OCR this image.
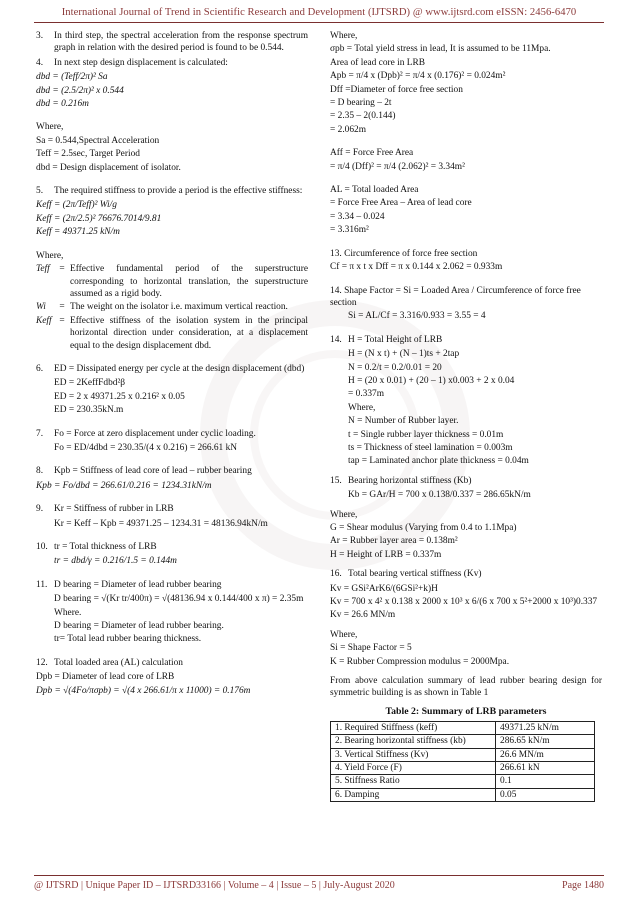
International Journal of Trend in Scientific Research and Development (IJTSRD) @ www.ijtsrd.com eISSN: 2456-6470
3.	In third step, the spectral acceleration from the response spectrum graph in relation with the desired period is found to be 0.544.
4.	In next step design displacement is calculated:
dbd = (Teff/2π)² Sa
dbd = (2.5/2π)² x 0.544
dbd = 0.216m
Where,
Sa = 0.544,Spectral Acceleration
Teff = 2.5sec, Target Period
dbd = Design displacement of isolator.
5.	The required stiffness to provide a period is the effective stiffness:
Keff = (2π/Teff)² Wi/g
Keff = (2π/2.5)² 76676.7014/9.81
Keff = 49371.25 kN/m
Where,
Teff	= Effective fundamental period of the superstructure corresponding to horizontal translation, the superstructure assumed as a rigid body.
Wi	= The weight on the isolator i.e. maximum vertical reaction.
Keff = Effective stiffness of the isolation system in the principal horizontal direction under consideration, at a displacement equal to the design displacement dbd.
6.	ED = Dissipated energy per cycle at the design displacement (dbd)
ED = 2KeffFdbd²β
ED = 2 x 49371.25 x 0.216² x 0.05
ED = 230.35kN.m
7.	Fo = Force at zero displacement under cyclic loading.
Fo = ED/4dbd = 230.35/(4 x 0.216) = 266.61 kN
8.	Kpb = Stiffness of lead core of lead – rubber bearing
Kpb = Fo/dbd = 266.61/0.216 = 1234.31kN/m
9.	Kr = Stiffness of rubber in LRB
Kr = Keff – Kpb = 49371.25 – 1234.31 = 48136.94kN/m
10. tr = Total thickness of LRB
tr = dbd/γ = 0.216/1.5 = 0.144m
11. D bearing = Diameter of lead rubber bearing
D bearing = √(Kr tr/400π) = √(48136.94 x 0.144/400 x π) = 2.35m
Where.
D bearing = Diameter of lead rubber bearing.
tr= Total lead rubber bearing thickness.
12. Total loaded area (AL) calculation
Dpb = Diameter of lead core of LRB
Dpb = √(4Fo/πσpb) = √(4 x 266.61/π x 11000) = 0.176m
Where,
σpb = Total yield stress in lead, It is assumed to be 11Mpa.
Area of lead core in LRB
Apb = π/4 x (Dpb)² = π/4 x (0.176)² = 0.024m²
Dff =Diameter of force free section
= D bearing – 2t
= 2.35 – 2(0.144)
= 2.062m
Aff = Force Free Area
= π/4 (Dff)² = π/4 (2.062)² = 3.34m²
AL = Total loaded Area
= Force Free Area – Area of lead core
= 3.34 – 0.024
= 3.316m²
13. Circumference of force free section
Cf = π x t x Dff = π x 0.144 x 2.062 = 0.933m
14. Shape Factor = Si = Loaded Area / Circumference of force free section
Si = AL/Cf = 3.316/0.933 = 3.55 = 4
14. H = Total Height of LRB
H = (N x t) + (N – 1)ts + 2tap
N = 0.2/t = 0.2/0.01 = 20
H = (20 x 0.01) + (20 – 1) x0.003 + 2 x 0.04
= 0.337m
Where,
N = Number of Rubber layer.
t = Single rubber layer thickness = 0.01m
ts = Thickness of steel lamination = 0.003m
tap = Laminated anchor plate thickness = 0.04m
15. Bearing horizontal stiffness (Kb)
Kb = GAr/H = 700 x 0.138/0.337 = 286.65kN/m
Where,
G = Shear modulus (Varying from 0.4 to 1.1Mpa)
Ar = Rubber layer area = 0.138m²
H = Height of LRB = 0.337m
16. Total bearing vertical stiffness (Kv)
Kv = GSi²ArK6/(6GSi²+k)H
Kv = 700 x 4² x 0.138 x 2000 x 10³ x 6/(6 x 700 x 5²+2000 x 10³)0.337
Kv = 26.6 MN/m
Where,
Si = Shape Factor = 5
K = Rubber Compression modulus = 2000Mpa.
From above calculation summary of lead rubber bearing design for symmetric building is as shown in Table 1
Table 2: Summary of LRB parameters
1. Required Stiffness (keff)	49371.25 kN/m
2. Bearing horizontal stiffness (kb)	286.65 kN/m
3. Vertical Stiffness (Kv)	26.6 MN/m
4. Yield Force (F)	266.61 kN
5. Stiffness Ratio	0.1
6. Damping	0.05
@ IJTSRD | Unique Paper ID – IJTSRD33166 | Volume – 4 | Issue – 5 | July-August 2020	Page 1480
